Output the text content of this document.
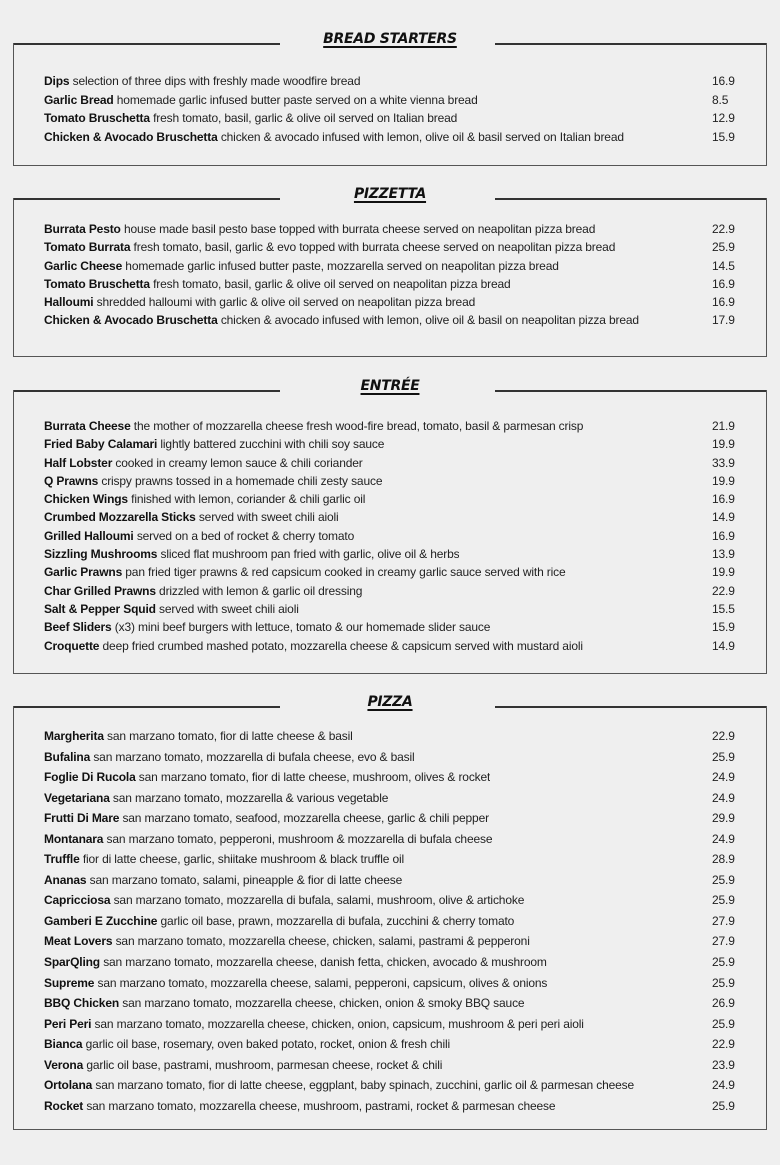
BREAD STARTERS
Dips selection of three dips with freshly made woodfire bread	16.9
Garlic Bread homemade garlic infused butter paste served on a white vienna bread	8.5
Tomato Bruschetta fresh tomato, basil, garlic & olive oil served on Italian bread	12.9
Chicken & Avocado Bruschetta chicken & avocado infused with lemon, olive oil & basil served on Italian bread	15.9
PIZZETTA
Burrata Pesto house made basil pesto base topped with burrata cheese served on neapolitan pizza bread	22.9
Tomato Burrata fresh tomato, basil, garlic & evo topped with burrata cheese served on neapolitan pizza bread	25.9
Garlic Cheese homemade garlic infused butter paste, mozzarella served on neapolitan pizza bread	14.5
Tomato Bruschetta fresh tomato, basil, garlic & olive oil served on neapolitan pizza bread	16.9
Halloumi shredded halloumi with garlic & olive oil served on neapolitan pizza bread	16.9
Chicken & Avocado Bruschetta chicken & avocado infused with lemon, olive oil & basil on neapolitan pizza bread	17.9
ENTRÉE
Burrata Cheese the mother of mozzarella cheese fresh wood-fire bread, tomato, basil & parmesan crisp	21.9
Fried Baby Calamari lightly battered zucchini with chili soy sauce	19.9
Half Lobster cooked in creamy lemon sauce & chili coriander	33.9
Q Prawns crispy prawns tossed in a homemade chili zesty sauce	19.9
Chicken Wings finished with lemon, coriander & chili garlic oil	16.9
Crumbed Mozzarella Sticks served with sweet chili aioli	14.9
Grilled Halloumi served on a bed of rocket & cherry tomato	16.9
Sizzling Mushrooms sliced flat mushroom pan fried with garlic, olive oil & herbs	13.9
Garlic Prawns pan fried tiger prawns & red capsicum cooked in creamy garlic sauce served with rice	19.9
Char Grilled Prawns drizzled with lemon & garlic oil dressing	22.9
Salt & Pepper Squid served with sweet chili aioli	15.5
Beef Sliders (x3) mini beef burgers with lettuce, tomato & our homemade slider sauce	15.9
Croquette deep fried crumbed mashed potato, mozzarella cheese & capsicum served with mustard aioli	14.9
PIZZA
Margherita san marzano tomato, fior di latte cheese & basil	22.9
Bufalina san marzano tomato, mozzarella di bufala cheese, evo & basil	25.9
Foglie Di Rucola san marzano tomato, fior di latte cheese, mushroom, olives & rocket	24.9
Vegetariana san marzano tomato, mozzarella & various vegetable	24.9
Frutti Di Mare san marzano tomato, seafood, mozzarella cheese, garlic & chili pepper	29.9
Montanara san marzano tomato, pepperoni, mushroom & mozzarella di bufala cheese	24.9
Truffle fior di latte cheese, garlic, shiitake mushroom & black truffle oil	28.9
Ananas san marzano tomato, salami, pineapple & fior di latte cheese	25.9
Capricciosa san marzano tomato, mozzarella di bufala, salami, mushroom, olive & artichoke	25.9
Gamberi E Zucchine garlic oil base, prawn, mozzarella di bufala, zucchini & cherry tomato	27.9
Meat Lovers san marzano tomato, mozzarella cheese, chicken, salami, pastrami & pepperoni	27.9
SparQling san marzano tomato, mozzarella cheese, danish fetta, chicken, avocado & mushroom	25.9
Supreme san marzano tomato, mozzarella cheese, salami, pepperoni, capsicum, olives & onions	25.9
BBQ Chicken san marzano tomato, mozzarella cheese, chicken, onion & smoky BBQ sauce	26.9
Peri Peri san marzano tomato, mozzarella cheese, chicken, onion, capsicum, mushroom & peri peri aioli	25.9
Bianca garlic oil base, rosemary, oven baked potato, rocket, onion & fresh chili	22.9
Verona garlic oil base, pastrami, mushroom, parmesan cheese, rocket & chili	23.9
Ortolana san marzano tomato, fior di latte cheese, eggplant, baby spinach, zucchini, garlic oil & parmesan cheese	24.9
Rocket san marzano tomato, mozzarella cheese, mushroom, pastrami, rocket & parmesan cheese	25.9
